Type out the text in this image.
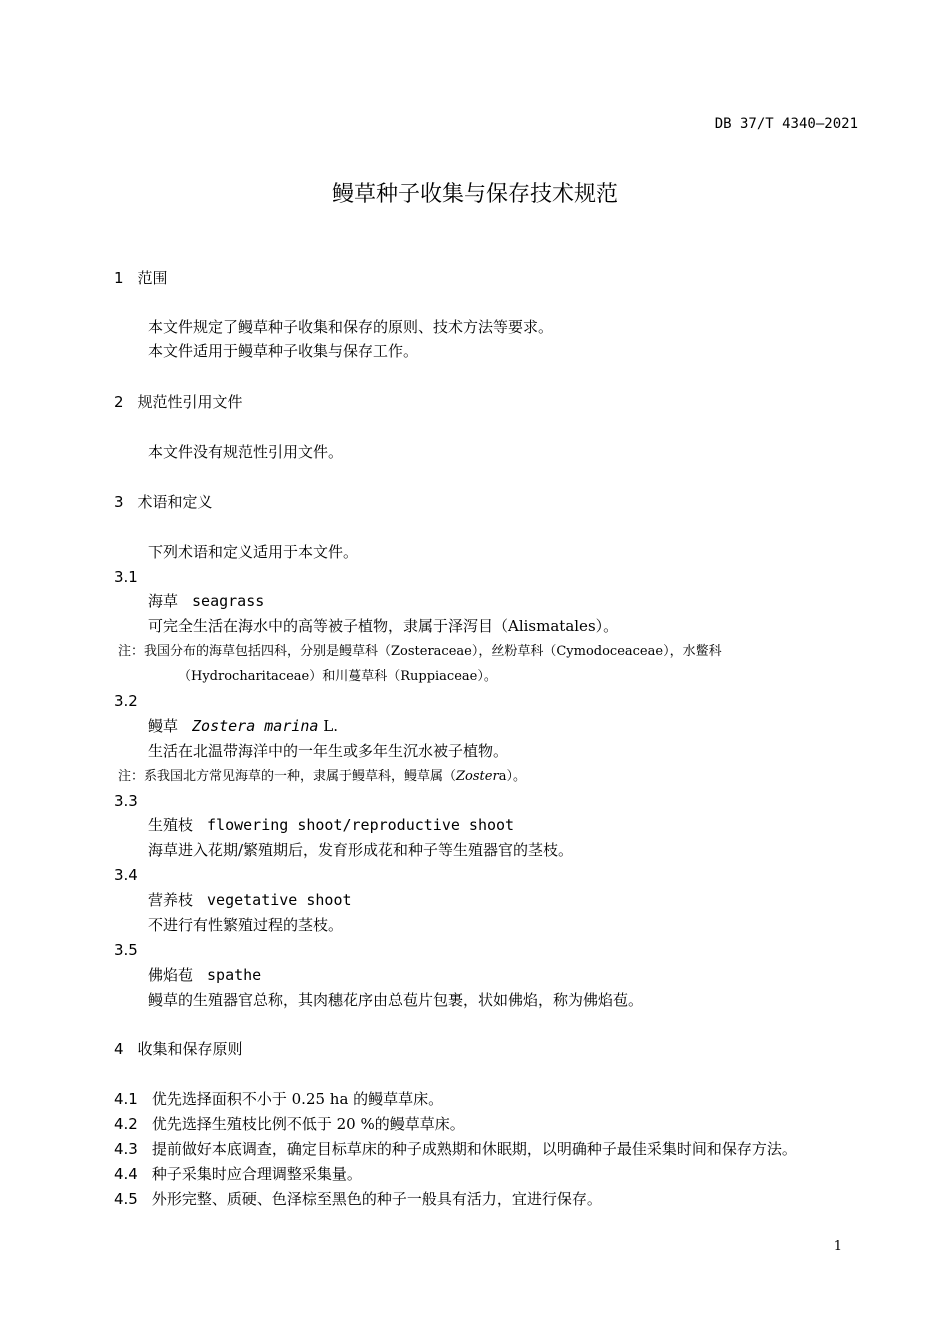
DB 37/T 4340—2021
鳗草种子收集与保存技术规范
1 范围
本文件规定了鳗草种子收集和保存的原则、技术方法等要求。
本文件适用于鳗草种子收集与保存工作。
2 规范性引用文件
本文件没有规范性引用文件。
3 术语和定义
下列术语和定义适用于本文件。
3.1
海草 seagrass
可完全生活在海水中的高等被子植物，隶属于泽泻目（Alismatales）。
注：我国分布的海草包括四科，分别是鳗草科（Zosteraceae），丝粉草科（Cymodoceaceae），水鳖科
（Hydrocharitaceae）和川蔓草科（Ruppiaceae）。
3.2
鳗草 Zostera marina L.
生活在北温带海洋中的一年生或多年生沉水被子植物。
注：系我国北方常见海草的一种，隶属于鳗草科，鳗草属（Zostera）。
3.3
生殖枝 flowering shoot/reproductive shoot
海草进入花期/繁殖期后，发育形成花和种子等生殖器官的茎枝。
3.4
营养枝 vegetative shoot
不进行有性繁殖过程的茎枝。
3.5
佛焰苞 spathe
鳗草的生殖器官总称，其肉穗花序由总苞片包裹，状如佛焰，称为佛焰苞。
4 收集和保存原则
4.1 优先选择面积不小于 0.25 ha 的鳗草草床。
4.2 优先选择生殖枝比例不低于 20 %的鳗草草床。
4.3 提前做好本底调查，确定目标草床的种子成熟期和休眠期，以明确种子最佳采集时间和保存方法。
4.4 种子采集时应合理调整采集量。
4.5 外形完整、质硬、色泽棕至黑色的种子一般具有活力，宜进行保存。
1
